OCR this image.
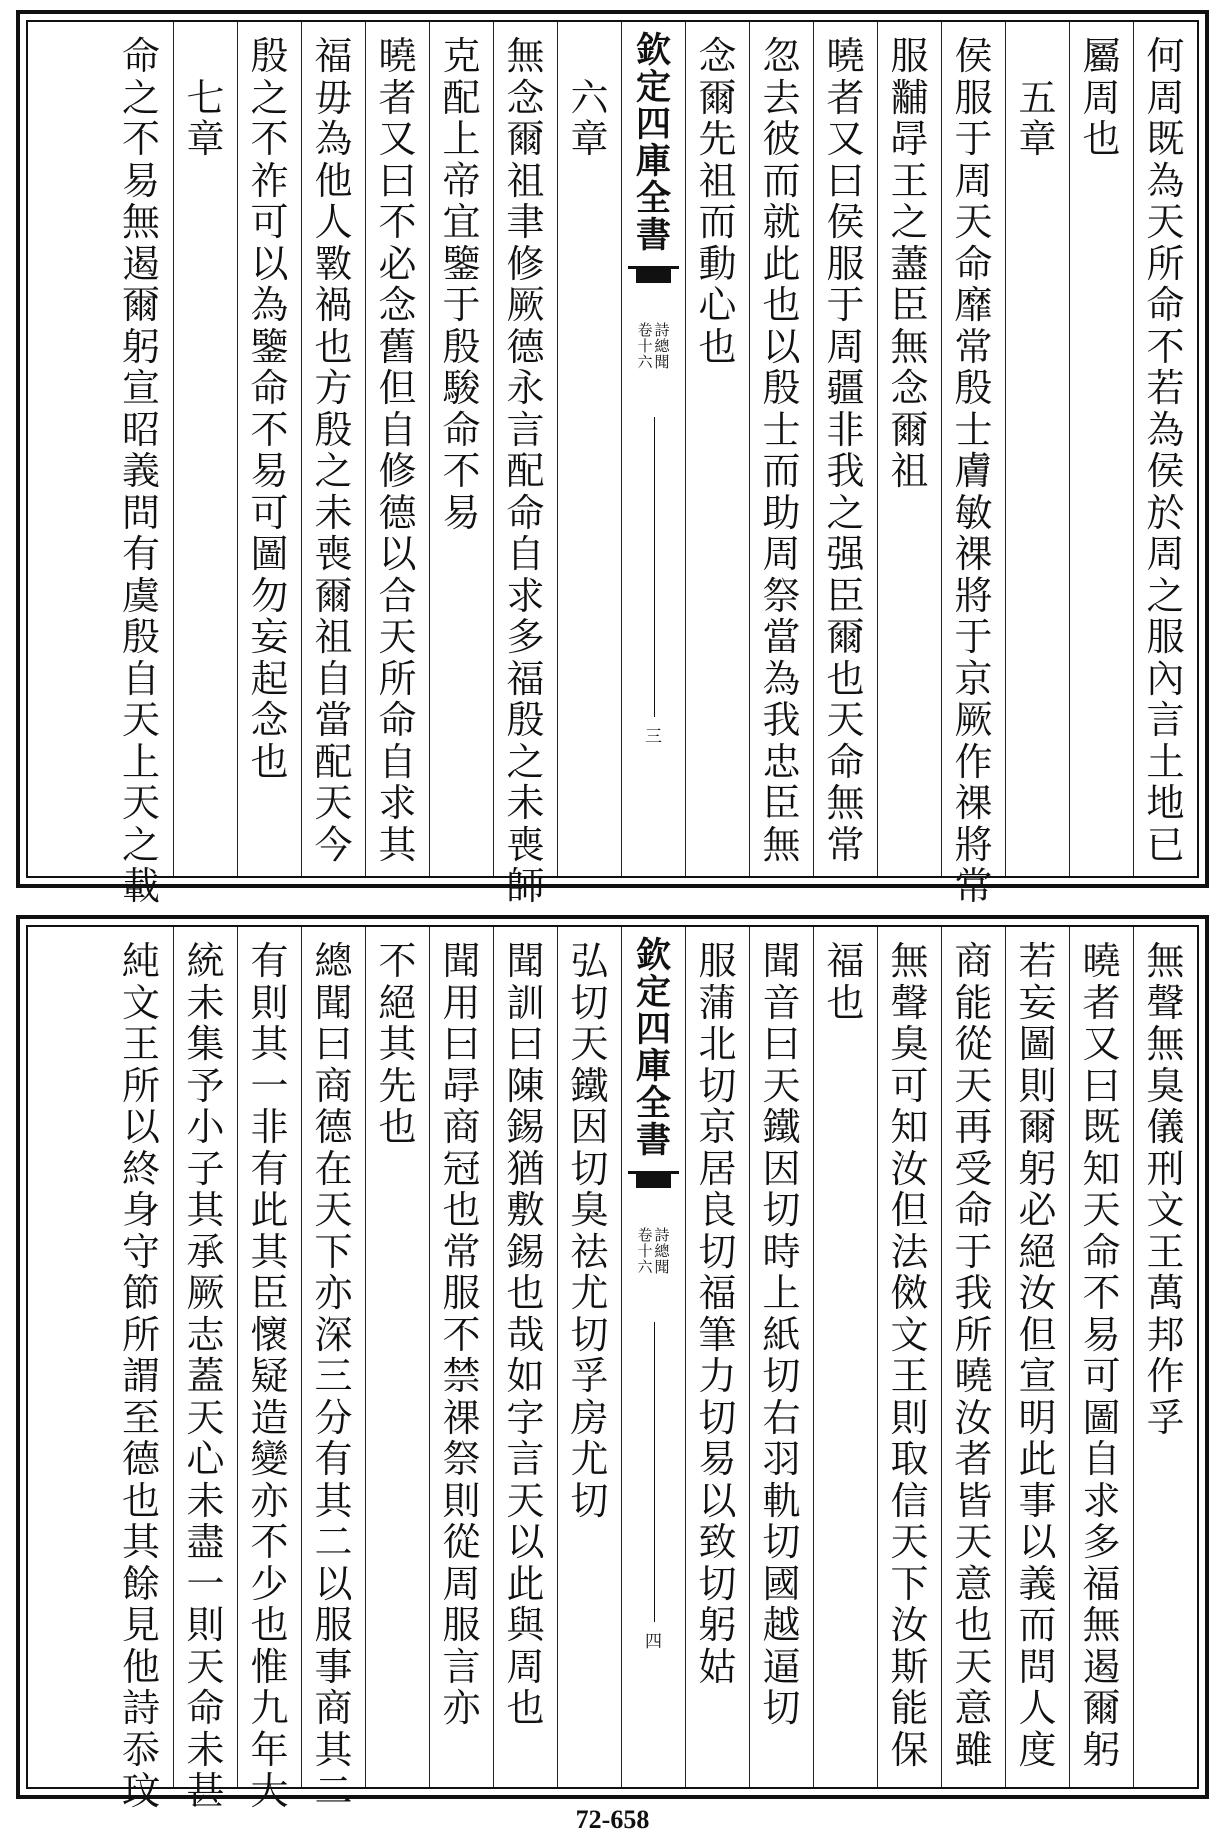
何
周
既
為
天
所
命
不
若
為
侯
於
周
之
服
內
言
土
地
已
屬
周
也

五
章
侯
服
于
周
天
命
靡
常
殷
士
膚
敏
祼
將
于
京
厥
作
祼
將
常
服
黼
冔
王
之
藎
臣
無
念
爾
祖
曉
者
又
曰
侯
服
于
周
疆
非
我
之
强
臣
爾
也
天
命
無
常
忽
去
彼
而
就
此
也
以
殷
士
而
助
周
祭
當
為
我
忠
臣
無
念
爾
先
祖
而
動
心
也
欽
定
四
庫
全
書
詩
總
聞
卷
十
六
三

六
章
無
念
爾
祖
聿
修
厥
德
永
言
配
命
自
求
多
福
殷
之
未
喪
師
克
配
上
帝
宜
鑒
于
殷
駿
命
不
易
曉
者
又
曰
不
必
念
舊
但
自
修
德
以
合
天
所
命
自
求
其
福
毋
為
他
人
斁
禍
也
方
殷
之
未
喪
爾
祖
自
當
配
天
今
殷
之
不
祚
可
以
為
鑒
命
不
易
可
圖
勿
妄
起
念
也

七
章
命
之
不
易
無
遏
爾
躬
宣
昭
義
問
有
虞
殷
自
天
上
天
之
載
無
聲
無
臭
儀
刑
文
王
萬
邦
作
孚
曉
者
又
曰
既
知
天
命
不
易
可
圖
自
求
多
福
無
遏
爾
躬
若
妄
圖
則
爾
躬
必
絕
汝
但
宣
明
此
事
以
義
而
問
人
度
商
能
從
天
再
受
命
于
我
所
曉
汝
者
皆
天
意
也
天
意
雖
無
聲
臭
可
知
汝
但
法
傚
文
王
則
取
信
天
下
汝
斯
能
保
福
也
聞
音
曰
天
鐵
因
切
時
上
紙
切
右
羽
軌
切
國
越
逼
切
服
蒲
北
切
京
居
良
切
福
筆
力
切
易
以
致
切
躬
姑
欽
定
四
庫
全
書
詩
總
聞
卷
十
六
四
弘
切
天
鐵
因
切
臭
祛
尤
切
孚
房
尤
切
聞
訓
曰
陳
錫
猶
敷
錫
也
哉
如
字
言
天
以
此
與
周
也
聞
用
曰
冔
商
冠
也
常
服
不
禁
祼
祭
則
從
周
服
言
亦
不
絕
其
先
也
總
聞
曰
商
德
在
天
下
亦
深
三
分
有
其
二
以
服
事
商
其
二
有
則
其
一
非
有
此
其
臣
懷
疑
造
變
亦
不
少
也
惟
九
年
大
統
未
集
予
小
子
其
承
厥
志
蓋
天
心
未
盡
一
則
天
命
未
甚
純
文
王
所
以
終
身
守
節
所
謂
至
德
也
其
餘
見
他
詩
忝
玟
72-658
